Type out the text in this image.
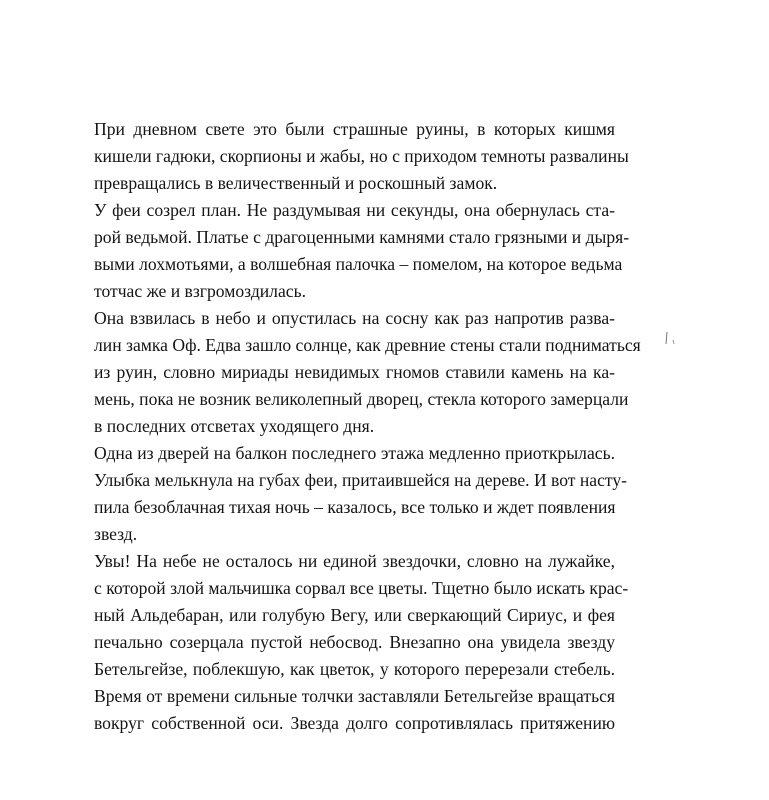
При дневном свете это были страшные руины, в которых кишмя
кишели гадюки, скорпионы и жабы, но с приходом темноты развалины
превращались в величественный и роскошный замок.
У феи созрел план. Не раздумывая ни секунды, она обернулась ста-
рой ведьмой. Платье с драгоценными камнями стало грязными и дыря-
выми лохмотьями, а волшебная палочка – помелом, на которое ведьма
тотчас же и взгромоздилась.
Она взвилась в небо и опустилась на сосну как раз напротив разва-
лин замка Оф. Едва зашло солнце, как древние стены стали подниматься
из руин, словно мириады невидимых гномов ставили камень на ка-
мень, пока не возник великолепный дворец, стекла которого замерцали
в последних отсветах уходящего дня.
Одна из дверей на балкон последнего этажа медленно приоткрылась.
Улыбка мелькнула на губах феи, притаившейся на дереве. И вот насту-
пила безоблачная тихая ночь – казалось, все только и ждет появления
звезд.
Увы! На небе не осталось ни единой звездочки, словно на лужайке,
с которой злой мальчишка сорвал все цветы. Тщетно было искать крас-
ный Альдебаран, или голубую Вегу, или сверкающий Сириус, и фея
печально созерцала пустой небосвод. Внезапно она увидела звезду
Бетельгейзе, поблекшую, как цветок, у которого перерезали стебель.
Время от времени сильные толчки заставляли Бетельгейзе вращаться
вокруг собственной оси. Звезда долго сопротивлялась притяжению
